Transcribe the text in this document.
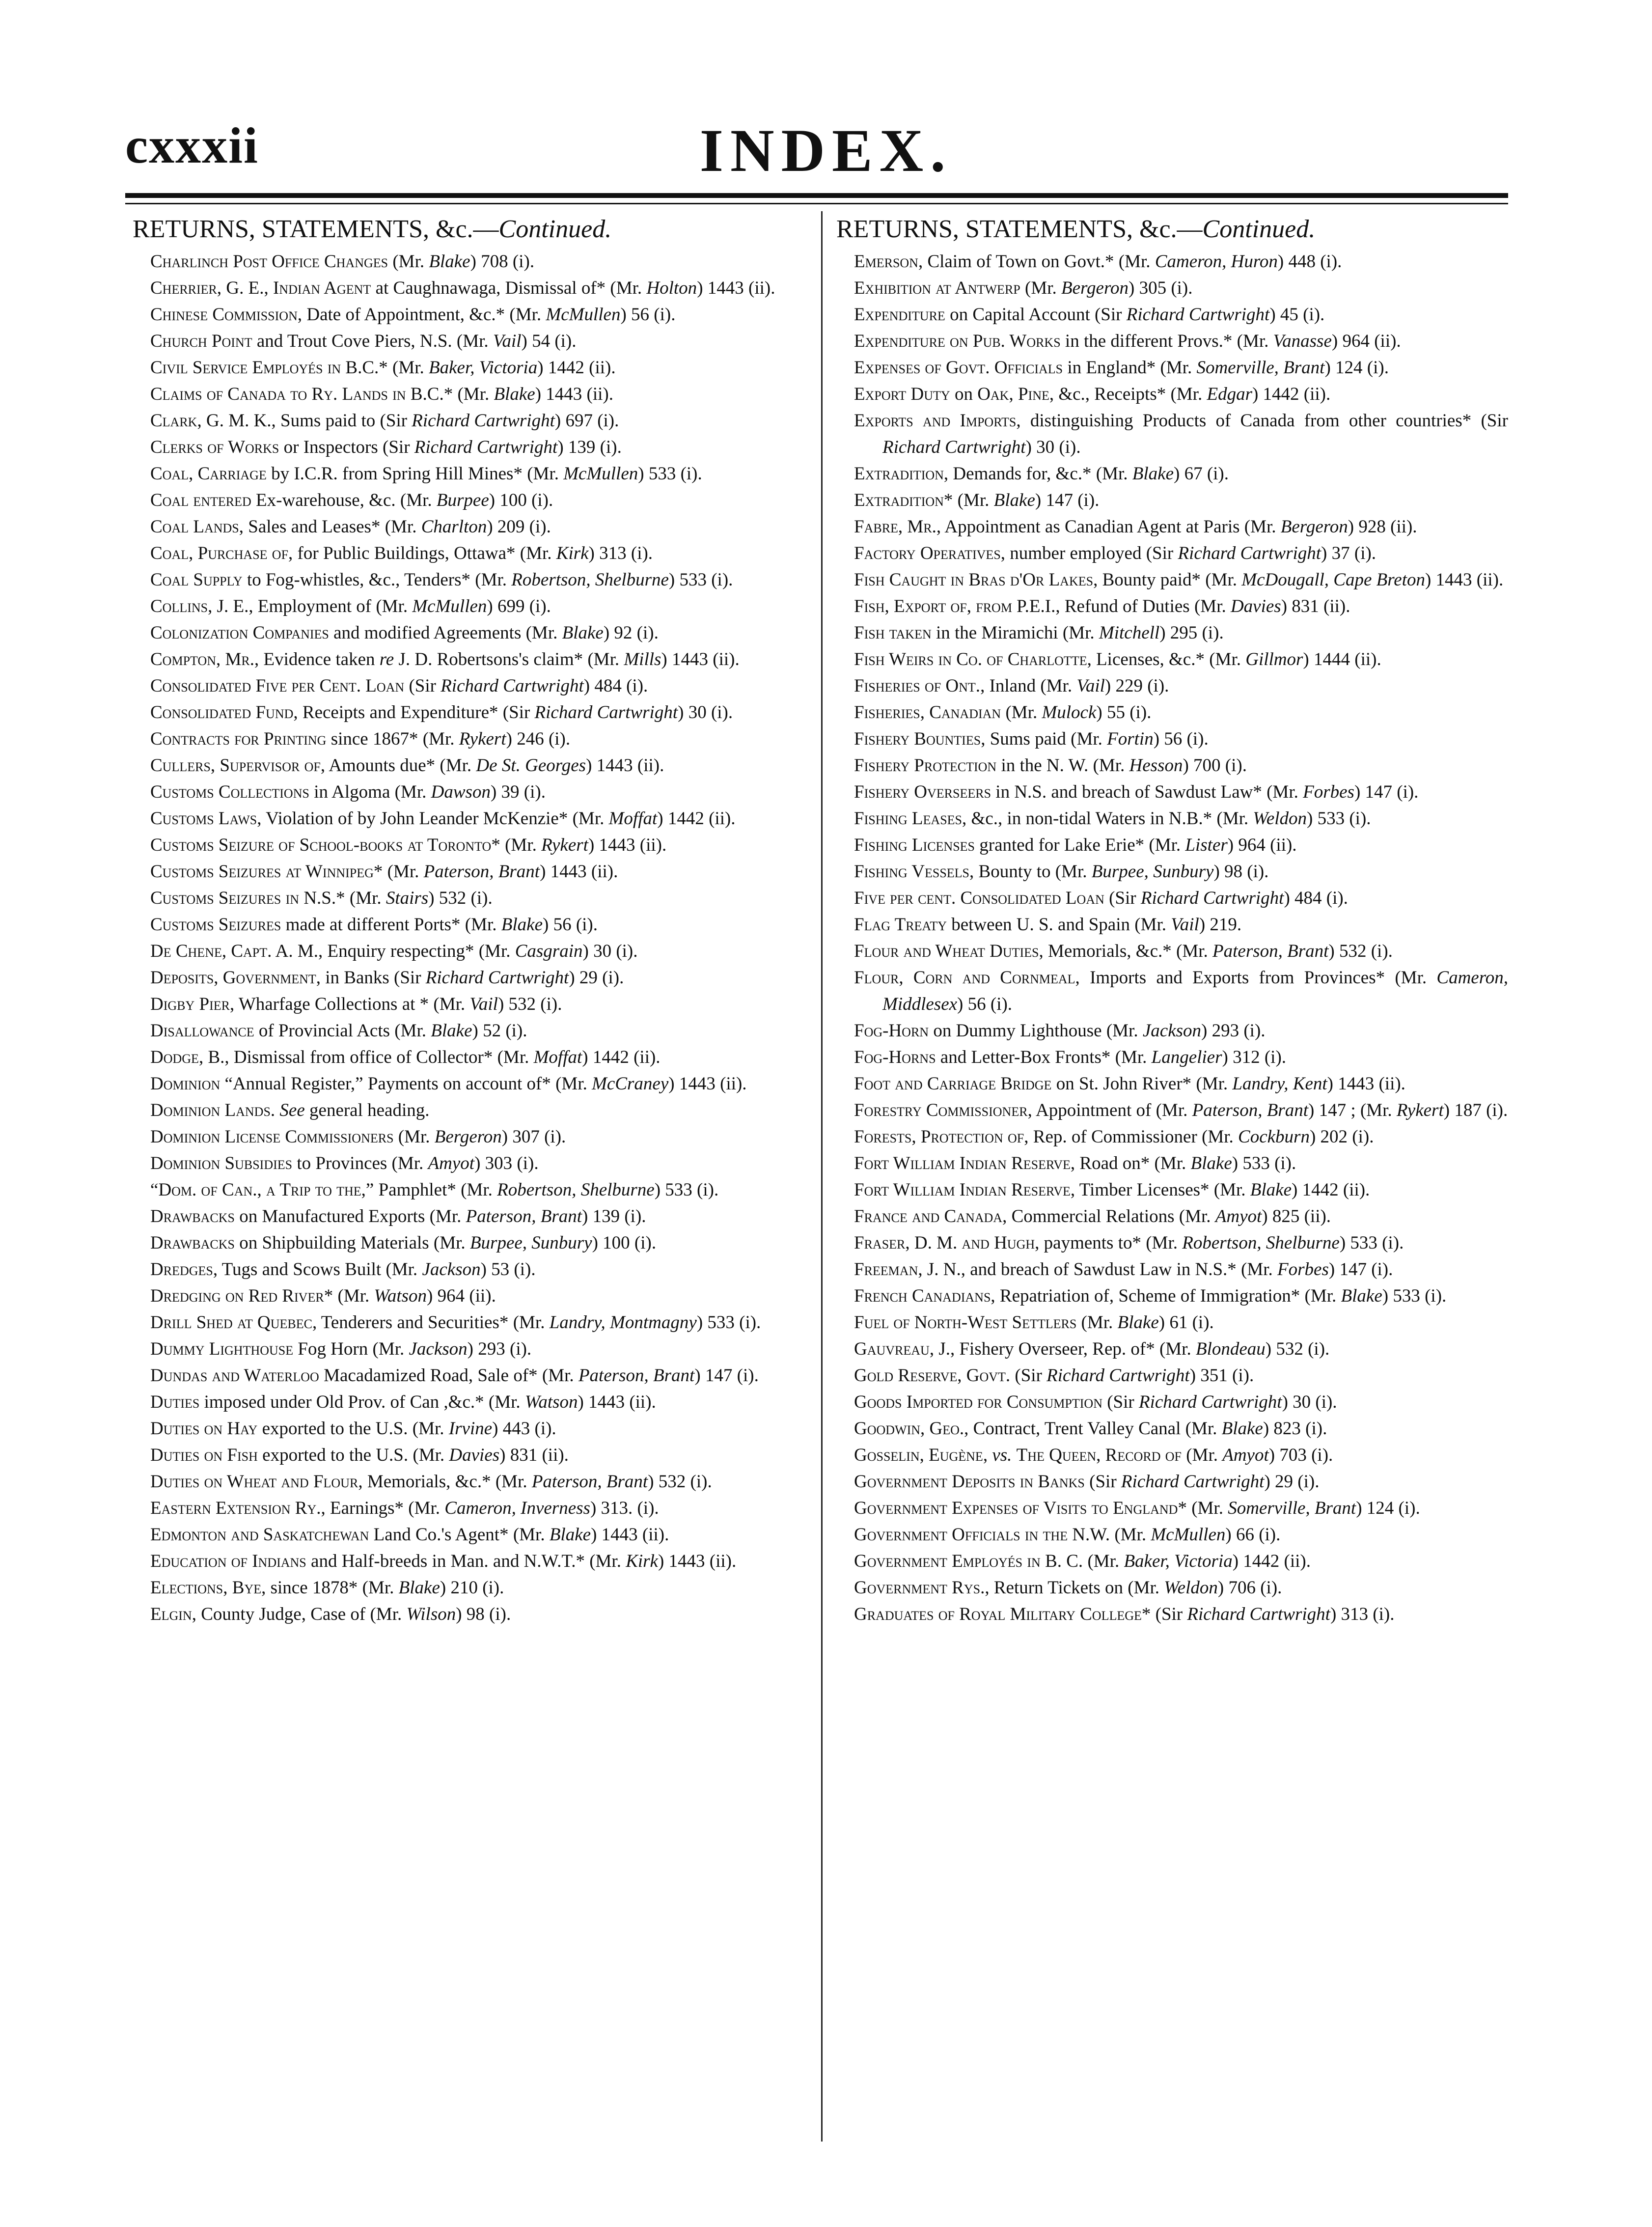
cxxxii	INDEX.
RETURNS, STATEMENTS, &c.—Continued.
Charlinch Post Office Changes (Mr. Blake) 708 (i).
Cherrier, G. E., Indian Agent at Caughnawaga, Dismissal of* (Mr. Holton) 1443 (ii).
Chinese Commission, Date of Appointment, &c.* (Mr. McMullen) 56 (i).
Church Point and Trout Cove Piers, N.S. (Mr. Vail) 54 (i).
Civil Service Employés in B.C.* (Mr. Baker, Victoria) 1442 (ii).
Claims of Canada to Ry. Lands in B.C.* (Mr. Blake) 1443 (ii).
Clark, G. M. K., Sums paid to (Sir Richard Cartwright) 697 (i).
Clerks of Works or Inspectors (Sir Richard Cartwright) 139 (i).
Coal, Carriage by I.C.R. from Spring Hill Mines* (Mr. McMullen) 533 (i).
Coal entered Ex-warehouse, &c. (Mr. Burpee) 100 (i).
Coal Lands, Sales and Leases* (Mr. Charlton) 209 (i).
Coal, Purchase of, for Public Buildings, Ottawa* (Mr. Kirk) 313 (i).
Coal Supply to Fog-whistles, &c., Tenders* (Mr. Robertson, Shelburne) 533 (i).
Collins, J. E., Employment of (Mr. McMullen) 699 (i).
Colonization Companies and modified Agreements (Mr. Blake) 92 (i).
Compton, Mr., Evidence taken re J. D. Robertsons's claim* (Mr. Mills) 1443 (ii).
Consolidated Five per Cent. Loan (Sir Richard Cartwright) 484 (i).
Consolidated Fund, Receipts and Expenditure* (Sir Richard Cartwright) 30 (i).
Contracts for Printing since 1867* (Mr. Rykert) 246 (i).
Cullers, Supervisor of, Amounts due* (Mr. De St. Georges) 1443 (ii).
Customs Collections in Algoma (Mr. Dawson) 39 (i).
Customs Laws, Violation of by John Leander McKenzie* (Mr. Moffat) 1442 (ii).
Customs Seizure of School-books at Toronto* (Mr. Rykert) 1443 (ii).
Customs Seizures at Winnipeg* (Mr. Paterson, Brant) 1443 (ii).
Customs Seizures in N.S.* (Mr. Stairs) 532 (i).
Customs Seizures made at different Ports* (Mr. Blake) 56 (i).
De Chene, Capt. A. M., Enquiry respecting* (Mr. Casgrain) 30 (i).
Deposits, Government, in Banks (Sir Richard Cartwright) 29 (i).
Digby Pier, Wharfage Collections at * (Mr. Vail) 532 (i).
Disallowance of Provincial Acts (Mr. Blake) 52 (i).
Dodge, B., Dismissal from office of Collector* (Mr. Moffat) 1442 (ii).
Dominion “Annual Register,” Payments on account of* (Mr. McCraney) 1443 (ii).
Dominion Lands. See general heading.
Dominion License Commissioners (Mr. Bergeron) 307 (i).
Dominion Subsidies to Provinces (Mr. Amyot) 303 (i).
“Dom. of Can., a Trip to the,” Pamphlet* (Mr. Robertson, Shelburne) 533 (i).
Drawbacks on Manufactured Exports (Mr. Paterson, Brant) 139 (i).
Drawbacks on Shipbuilding Materials (Mr. Burpee, Sunbury) 100 (i).
Dredges, Tugs and Scows Built (Mr. Jackson) 53 (i).
Dredging on Red River* (Mr. Watson) 964 (ii).
Drill Shed at Quebec, Tenderers and Securities* (Mr. Landry, Montmagny) 533 (i).
Dummy Lighthouse Fog Horn (Mr. Jackson) 293 (i).
Dundas and Waterloo Macadamized Road, Sale of* (Mr. Paterson, Brant) 147 (i).
Duties imposed under Old Prov. of Can ,&c.* (Mr. Watson) 1443 (ii).
Duties on Hay exported to the U.S. (Mr. Irvine) 443 (i).
Duties on Fish exported to the U.S. (Mr. Davies) 831 (ii).
Duties on Wheat and Flour, Memorials, &c.* (Mr. Paterson, Brant) 532 (i).
Eastern Extension Ry., Earnings* (Mr. Cameron, Inverness) 313. (i).
Edmonton and Saskatchewan Land Co.'s Agent* (Mr. Blake) 1443 (ii).
Education of Indians and Half-breeds in Man. and N.W.T.* (Mr. Kirk) 1443 (ii).
Elections, Bye, since 1878* (Mr. Blake) 210 (i).
Elgin, County Judge, Case of (Mr. Wilson) 98 (i).
RETURNS, STATEMENTS, &c.—Continued.
Emerson, Claim of Town on Govt.* (Mr. Cameron, Huron) 448 (i).
Exhibition at Antwerp (Mr. Bergeron) 305 (i).
Expenditure on Capital Account (Sir Richard Cartwright) 45 (i).
Expenditure on Pub. Works in the different Provs.* (Mr. Vanasse) 964 (ii).
Expenses of Govt. Officials in England* (Mr. Somerville, Brant) 124 (i).
Export Duty on Oak, Pine, &c., Receipts* (Mr. Edgar) 1442 (ii).
Exports and Imports, distinguishing Products of Canada from other countries* (Sir Richard Cartwright) 30 (i).
Extradition, Demands for, &c.* (Mr. Blake) 67 (i).
Extradition* (Mr. Blake) 147 (i).
Fabre, Mr., Appointment as Canadian Agent at Paris (Mr. Bergeron) 928 (ii).
Factory Operatives, number employed (Sir Richard Cartwright) 37 (i).
Fish Caught in Bras d'Or Lakes, Bounty paid* (Mr. McDougall, Cape Breton) 1443 (ii).
Fish, Export of, from P.E.I., Refund of Duties (Mr. Davies) 831 (ii).
Fish taken in the Miramichi (Mr. Mitchell) 295 (i).
Fish Weirs in Co. of Charlotte, Licenses, &c.* (Mr. Gillmor) 1444 (ii).
Fisheries of Ont., Inland (Mr. Vail) 229 (i).
Fisheries, Canadian (Mr. Mulock) 55 (i).
Fishery Bounties, Sums paid (Mr. Fortin) 56 (i).
Fishery Protection in the N. W. (Mr. Hesson) 700 (i).
Fishery Overseers in N.S. and breach of Sawdust Law* (Mr. Forbes) 147 (i).
Fishing Leases, &c., in non-tidal Waters in N.B.* (Mr. Weldon) 533 (i).
Fishing Licenses granted for Lake Erie* (Mr. Lister) 964 (ii).
Fishing Vessels, Bounty to (Mr. Burpee, Sunbury) 98 (i).
Five per cent. Consolidated Loan (Sir Richard Cartwright) 484 (i).
Flag Treaty between U. S. and Spain (Mr. Vail) 219.
Flour and Wheat Duties, Memorials, &c.* (Mr. Paterson, Brant) 532 (i).
Flour, Corn and Cornmeal, Imports and Exports from Provinces* (Mr. Cameron, Middlesex) 56 (i).
Fog-Horn on Dummy Lighthouse (Mr. Jackson) 293 (i).
Fog-Horns and Letter-Box Fronts* (Mr. Langelier) 312 (i).
Foot and Carriage Bridge on St. John River* (Mr. Landry, Kent) 1443 (ii).
Forestry Commissioner, Appointment of (Mr. Paterson, Brant) 147 ; (Mr. Rykert) 187 (i).
Forests, Protection of, Rep. of Commissioner (Mr. Cockburn) 202 (i).
Fort William Indian Reserve, Road on* (Mr. Blake) 533 (i).
Fort William Indian Reserve, Timber Licenses* (Mr. Blake) 1442 (ii).
France and Canada, Commercial Relations (Mr. Amyot) 825 (ii).
Fraser, D. M. and Hugh, payments to* (Mr. Robertson, Shelburne) 533 (i).
Freeman, J. N., and breach of Sawdust Law in N.S.* (Mr. Forbes) 147 (i).
French Canadians, Repatriation of, Scheme of Immigration* (Mr. Blake) 533 (i).
Fuel of North-West Settlers (Mr. Blake) 61 (i).
Gauvreau, J., Fishery Overseer, Rep. of* (Mr. Blondeau) 532 (i).
Gold Reserve, Govt. (Sir Richard Cartwright) 351 (i).
Goods Imported for Consumption (Sir Richard Cartwright) 30 (i).
Goodwin, Geo., Contract, Trent Valley Canal (Mr. Blake) 823 (i).
Gosselin, Eugène, vs. The Queen, Record of (Mr. Amyot) 703 (i).
Government Deposits in Banks (Sir Richard Cartwright) 29 (i).
Government Expenses of Visits to England* (Mr. Somerville, Brant) 124 (i).
Government Officials in the N.W. (Mr. McMullen) 66 (i).
Government Employés in B. C. (Mr. Baker, Victoria) 1442 (ii).
Government Rys., Return Tickets on (Mr. Weldon) 706 (i).
Graduates of Royal Military College* (Sir Richard Cartwright) 313 (i).
